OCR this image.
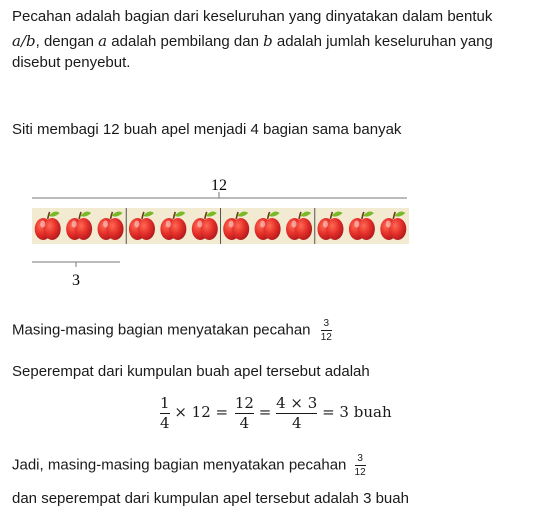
Pecahan adalah bagian dari keseluruhan yang dinyatakan dalam bentuk
a/b, dengan a adalah pembilang dan b adalah jumlah keseluruhan yang
disebut penyebut.
Siti membagi 12 buah apel menjadi 4 bagian sama banyak
12
3
Masing-masing bagian menyatakan pecahan $\frac{3}{12}$
Seperempat dari kumpulan buah apel tersebut adalah
$\frac{1}{4} \times 12 = \frac{12}{4} = \frac{4 \times 3}{4} = 3$ buah
Jadi, masing-masing bagian menyatakan pecahan $\frac{3}{12}$
dan seperempat dari kumpulan apel tersebut adalah 3 buah
